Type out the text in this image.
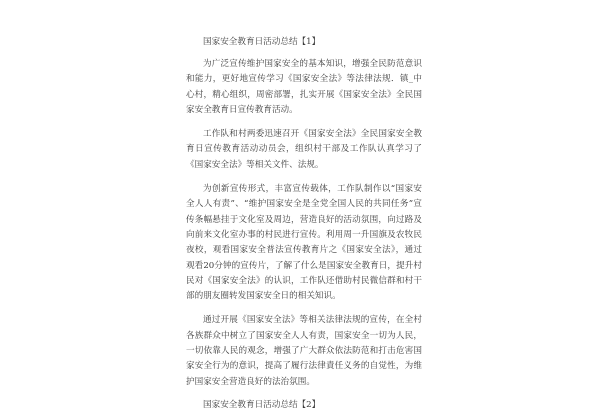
国家安全教育日活动总结【1】

为广泛宣传维护国家安全的基本知识，增强全民防范意识和能力，更好地宣传学习《国家安全法》等法律法规．镇_中心村，精心组织，周密部署，扎实开展《国家安全法》全民国家安全教育日宣传教育活动。

工作队和村两委迅速召开《国家安全法》全民国家安全教育日宣传教育活动动员会，组织村干部及工作队认真学习了《国家安全法》等相关文件、法规。

为创新宣传形式，丰富宣传载体，工作队制作以“国家安全人人有责”、“维护国家安全是全党全国人民的共同任务”宣传条幅悬挂于文化室及周边，营造良好的活动氛围，向过路及向前来文化室办事的村民进行宣传。利用周一升国旗及农牧民夜校，观看国家安全普法宣传教育片之《国家安全法》，通过观看20分钟的宣传片，了解了什么是国家安全教育日，提升村民对《国家安全法》的认识，工作队还借助村民微信群和村干部的朋友圈转发国家安全日的相关知识。

通过开展《国家安全法》等相关法律法规的宣传，在全村各族群众中树立了国家安全人人有责，国家安全一切为人民，一切依靠人民的观念，增强了广大群众依法防范和打击危害国家安全行为的意识，提高了履行法律責任义务的自觉性，为维护国家安全营造良好的法治氛围。

国家安全教育日活动总结【2】
